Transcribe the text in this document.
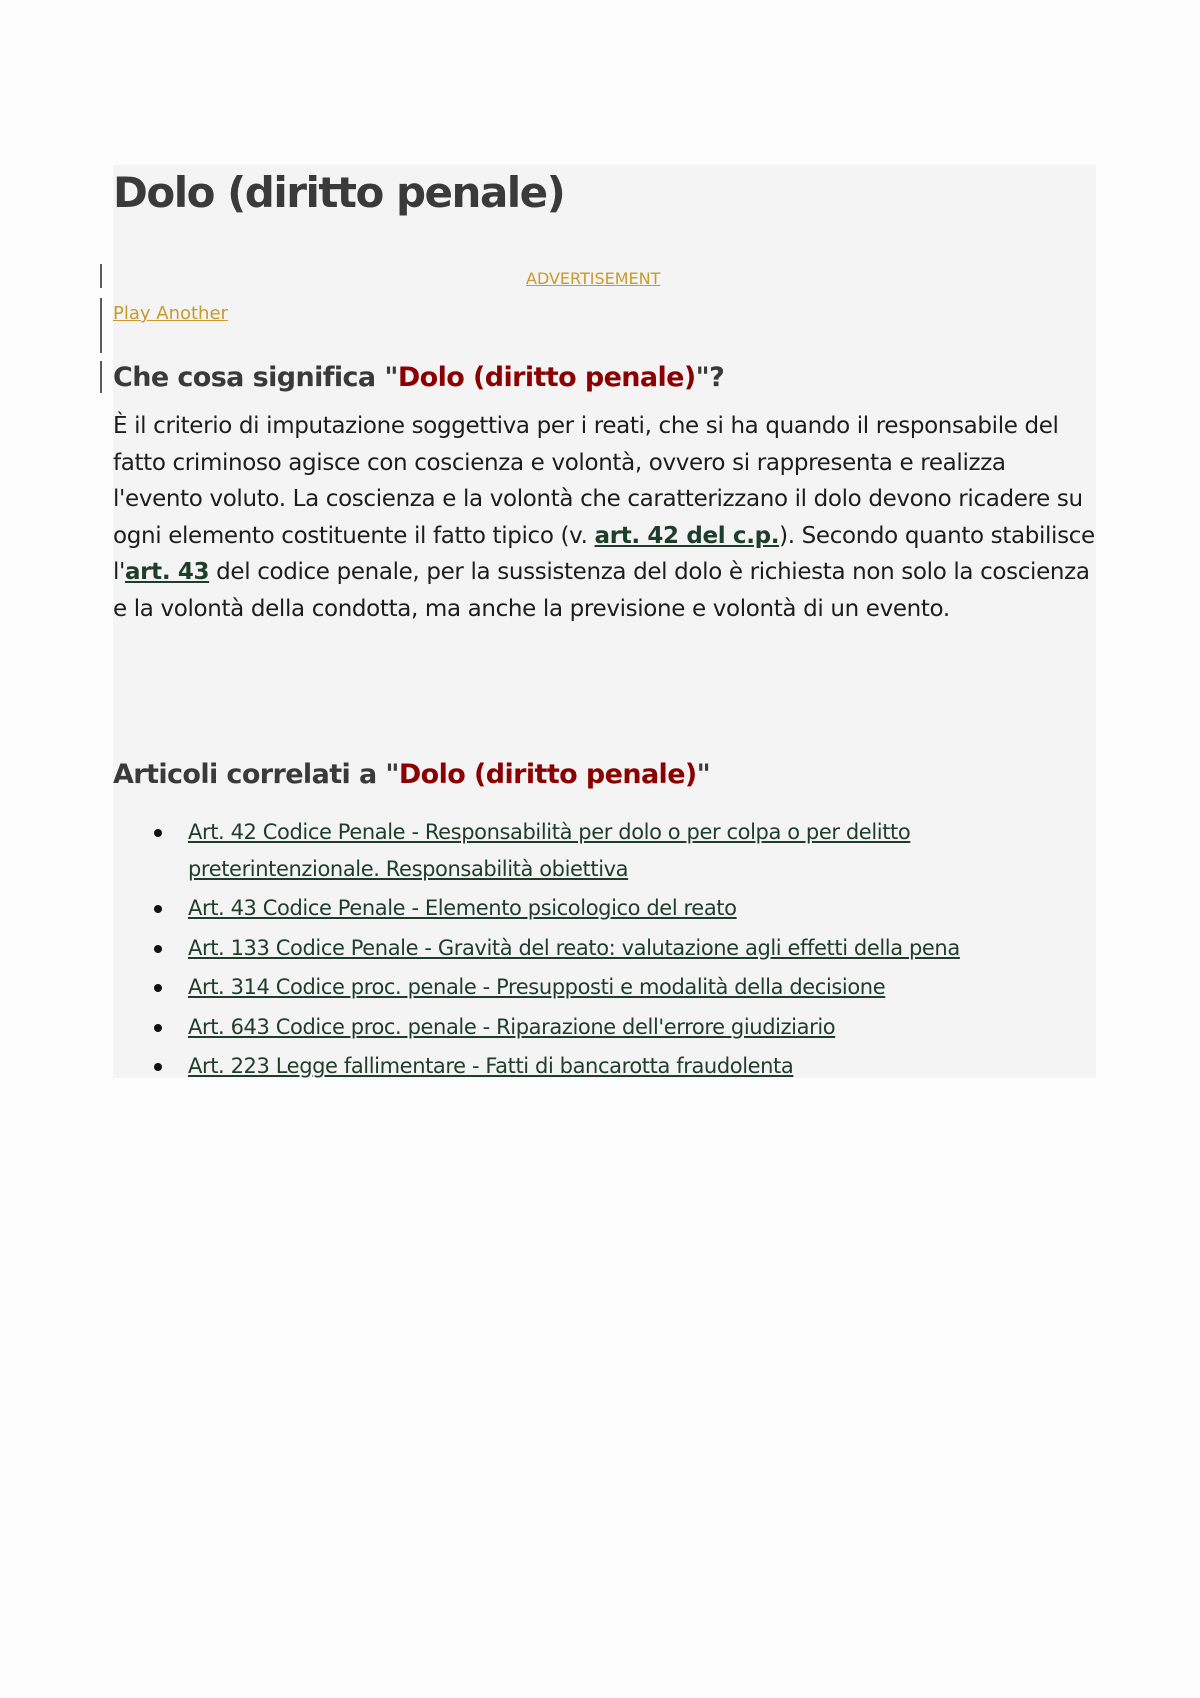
Dolo (diritto penale)
ADVERTISEMENT
Play Another
Che cosa significa "Dolo (diritto penale)"?

È il criterio di imputazione soggettiva per i reati, che si ha quando il responsabile del fatto criminoso agisce con coscienza e volontà, ovvero si rappresenta e realizza l'evento voluto. La coscienza e la volontà che caratterizzano il dolo devono ricadere su ogni elemento costituente il fatto tipico (v. art. 42 del c.p.). Secondo quanto stabilisce l'art. 43 del codice penale, per la sussistenza del dolo è richiesta non solo la coscienza e la volontà della condotta, ma anche la previsione e volontà di un evento.

Articoli correlati a "Dolo (diritto penale)"
Art. 42 Codice Penale - Responsabilità per dolo o per colpa o per delitto preterintenzionale. Responsabilità obiettiva
Art. 43 Codice Penale - Elemento psicologico del reato
Art. 133 Codice Penale - Gravità del reato: valutazione agli effetti della pena
Art. 314 Codice proc. penale - Presupposti e modalità della decisione
Art. 643 Codice proc. penale - Riparazione dell'errore giudiziario
Art. 223 Legge fallimentare - Fatti di bancarotta fraudolenta
